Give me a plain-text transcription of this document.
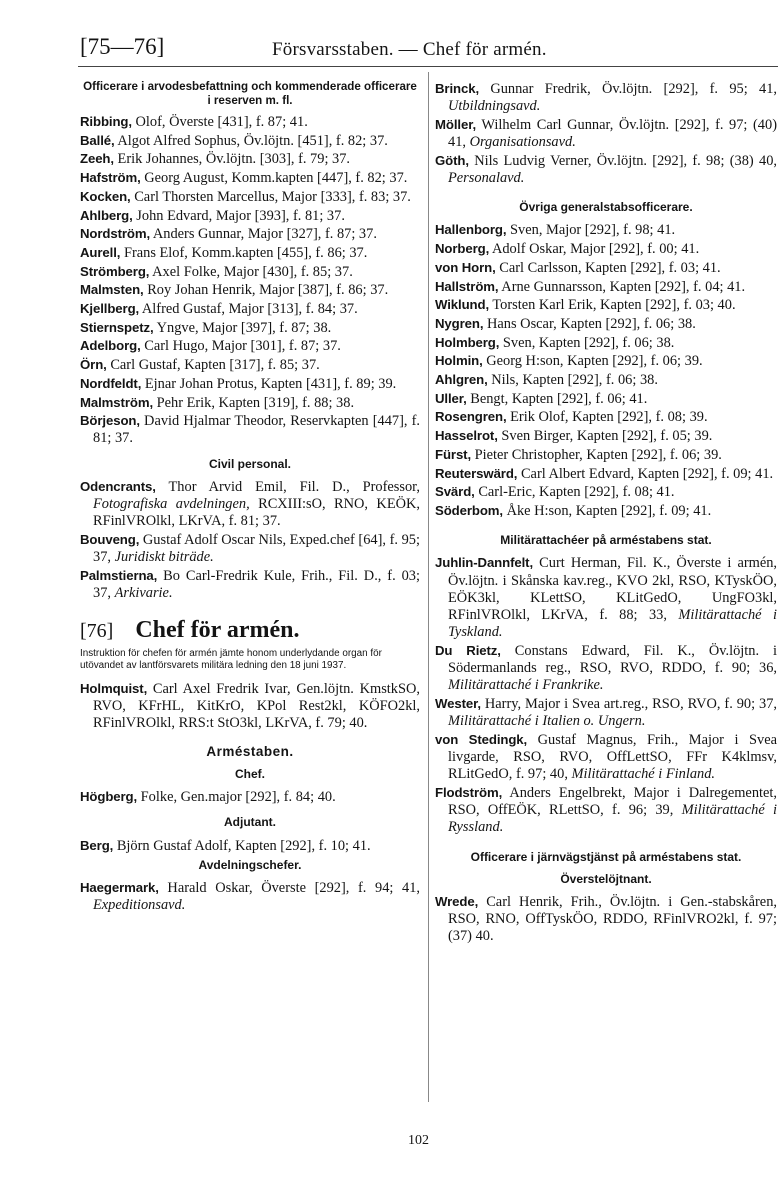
[75—76]	Försvarsstaben. — Chef för armén.
Officerare i arvodesbefattning och kommenderade officerare i reserven m. fl.
Ribbing, Olof, Överste [431], f. 87; 41.
Ballé, Algot Alfred Sophus, Öv.löjtn. [451], f. 82; 37.
Zeeh, Erik Johannes, Öv.löjtn. [303], f. 79; 37.
Hafström, Georg August, Komm.kapten [447], f. 82; 37.
Kocken, Carl Thorsten Marcellus, Major [333], f. 83; 37.
Ahlberg, John Edvard, Major [393], f. 81; 37.
Nordström, Anders Gunnar, Major [327], f. 87; 37.
Aurell, Frans Elof, Komm.kapten [455], f. 86; 37.
Strömberg, Axel Folke, Major [430], f. 85; 37.
Malmsten, Roy Johan Henrik, Major [387], f. 86; 37.
Kjellberg, Alfred Gustaf, Major [313], f. 84; 37.
Stiernspetz, Yngve, Major [397], f. 87; 38.
Adelborg, Carl Hugo, Major [301], f. 87; 37.
Örn, Carl Gustaf, Kapten [317], f. 85; 37.
Nordfeldt, Ejnar Johan Protus, Kapten [431], f. 89; 39.
Malmström, Pehr Erik, Kapten [319], f. 88; 38.
Börjeson, David Hjalmar Theodor, Reservkapten [447], f. 81; 37.
Civil personal.
Odencrants, Thor Arvid Emil, Fil. D., Professor, Fotografiska avdelningen, RCXIII:sO, RNO, KEÖK, RFinlVROlkl, LKrVA, f. 81; 37.
Bouveng, Gustaf Adolf Oscar Nils, Exped.chef [64], f. 95; 37, Juridiskt biträde.
Palmstierna, Bo Carl-Fredrik Kule, Frih., Fil. D., f. 03; 37, Arkivarie.
[76] Chef för armén.
Instruktion för chefen för armén jämte honom underlydande organ för utövandet av lantförsvarets militära ledning den 18 juni 1937.
Holmquist, Carl Axel Fredrik Ivar, Gen.löjtn. KmstkSO, RVO, KFrHL, KitKrO, KPol Rest2kl, KÖFO2kl, RFinlVROlkl, RRS:t StO3kl, LKrVA, f. 79; 40.
Arméstaben.
Chef.
Högberg, Folke, Gen.major [292], f. 84; 40.
Adjutant.
Berg, Björn Gustaf Adolf, Kapten [292], f. 10; 41.
Avdelningschefer.
Haegermark, Harald Oskar, Överste [292], f. 94; 41, Expeditionsavd.
Brinck, Gunnar Fredrik, Öv.löjtn. [292], f. 95; 41, Utbildningsavd.
Möller, Wilhelm Carl Gunnar, Öv.löjtn. [292], f. 97; (40) 41, Organisationsavd.
Göth, Nils Ludvig Verner, Öv.löjtn. [292], f. 98; (38) 40, Personalavd.
Övriga generalstabsofficerare.
Hallenborg, Sven, Major [292], f. 98; 41.
Norberg, Adolf Oskar, Major [292], f. 00; 41.
von Horn, Carl Carlsson, Kapten [292], f. 03; 41.
Hallström, Arne Gunnarsson, Kapten [292], f. 04; 41.
Wiklund, Torsten Karl Erik, Kapten [292], f. 03; 40.
Nygren, Hans Oscar, Kapten [292], f. 06; 38.
Holmberg, Sven, Kapten [292], f. 06; 38.
Holmin, Georg H:son, Kapten [292], f. 06; 39.
Ahlgren, Nils, Kapten [292], f. 06; 38.
Uller, Bengt, Kapten [292], f. 06; 41.
Rosengren, Erik Olof, Kapten [292], f. 08; 39.
Hasselrot, Sven Birger, Kapten [292], f. 05; 39.
Fürst, Pieter Christopher, Kapten [292], f. 06; 39.
Reuterswärd, Carl Albert Edvard, Kapten [292], f. 09; 41.
Svärd, Carl-Eric, Kapten [292], f. 08; 41.
Söderbom, Åke H:son, Kapten [292], f. 09; 41.
Militärattachéer på arméstabens stat.
Juhlin-Dannfelt, Curt Herman, Fil. K., Överste i armén, Öv.löjtn. i Skånska kav.reg., KVO 2kl, RSO, KTyskÖO, EÖK3kl, KLettSO, KLitGedO, UngFO3kl, RFinlVROlkl, LKrVA, f. 88; 33, Militärattaché i Tyskland.
Du Rietz, Constans Edward, Fil. K., Öv.löjtn. i Södermanlands reg., RSO, RVO, RDDO, f. 90; 36, Militärattaché i Frankrike.
Wester, Harry, Major i Svea art.reg., RSO, RVO, f. 90; 37, Militärattaché i Italien o. Ungern.
von Stedingk, Gustaf Magnus, Frih., Major i Svea livgarde, RSO, RVO, OffLettSO, FFr K4klmsv, RLitGedO, f. 97; 40, Militärattaché i Finland.
Flodström, Anders Engelbrekt, Major i Dalregementet, RSO, OffEÖK, RLettSO, f. 96; 39, Militärattaché i Ryssland.
Officerare i järnvägstjänst på arméstabens stat.
Överstelöjtnant.
Wrede, Carl Henrik, Frih., Öv.löjtn. i Gen.-stabskåren, RSO, RNO, OffTyskÖO, RDDO, RFinlVRO2kl, f. 97; (37) 40.
102
